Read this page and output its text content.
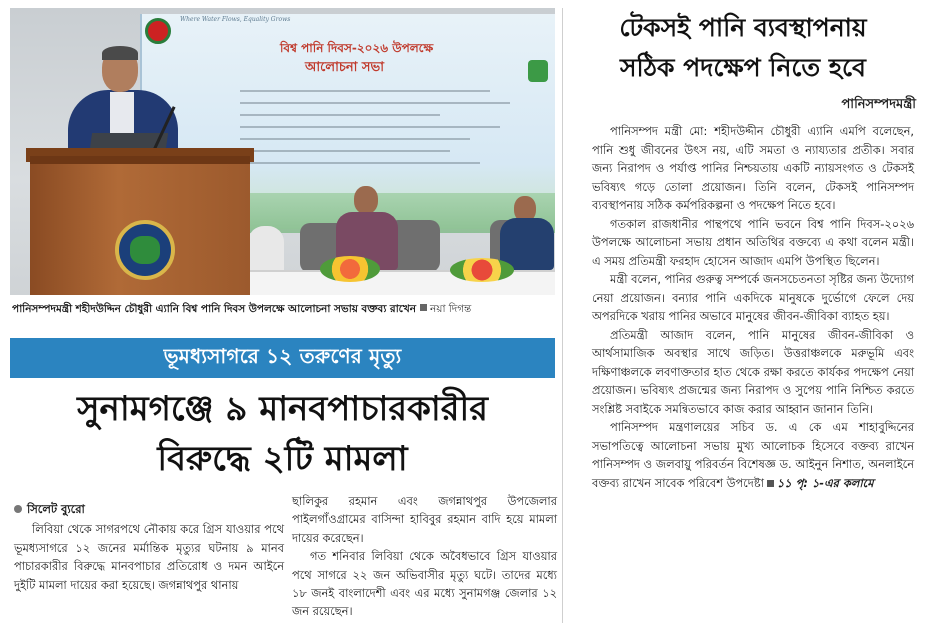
Where Water Flows, Equality Grows
বিশ্ব পানি দিবস-২০২৬ উপলক্ষে
আলোচনা সভা
পানিসম্পদমন্ত্রী শহীদউদ্দিন চৌধুরী এ্যানি বিশ্ব পানি দিবস উপলক্ষে আলোচনা সভায় বক্তব্য রাখেন নয়া দিগন্ত
ভূমধ্যসাগরে ১২ তরুণের মৃত্যু
সুনামগঞ্জে ৯ মানবপাচারকারীর
বিরুদ্ধে ২টি মামলা
সিলেট ব্যুরো

লিবিয়া থেকে সাগরপথে নৌকায় করে গ্রিস যাওয়ার পথে ভূমধ্যসাগরে ১২ জনের মর্মান্তিক মৃত্যুর ঘটনায় ৯ মানব পাচারকারীর বিরুদ্ধে মানবপাচার প্রতিরোধ ও দমন আইনে দুইটি মামলা দায়ের করা হয়েছে। জগন্নাথপুর থানায়

ছালিকুর রহমান এবং জগন্নাথপুর উপজেলার পাইলগাঁওগ্রামের বাসিন্দা হাবিবুর রহমান বাদি হয়ে মামলা দায়ের করেছেন।

গত শনিবার লিবিয়া থেকে অবৈধভাবে গ্রিস যাওয়ার পথে সাগরে ২২ জন অভিবাসীর মৃত্যু ঘটে। তাদের মধ্যে ১৮ জনই বাংলাদেশী এবং এর মধ্যে সুনামগঞ্জ জেলার ১২ জন রয়েছেন।

টেকসই পানি ব্যবস্থাপনায়
সঠিক পদক্ষেপ নিতে হবে
পানিসম্পদমন্ত্রী

পানিসম্পদ মন্ত্রী মো: শহীদউদ্দীন চৌধুরী এ্যানি এমপি বলেছেন, পানি শুধু জীবনের উৎস নয়, এটি সমতা ও ন্যায্যতার প্রতীক। সবার জন্য নিরাপদ ও পর্যাপ্ত পানির নিশ্চয়তায় একটি ন্যায়সংগত ও টেকসই ভবিষ্যৎ গড়ে তোলা প্রয়োজন। তিনি বলেন, টেকসই পানিসম্পদ ব্যবস্থাপনায় সঠিক কর্মপরিকল্পনা ও পদক্ষেপ নিতে হবে।

গতকাল রাজধানীর পান্থপথে পানি ভবনে বিশ্ব পানি দিবস-২০২৬ উপলক্ষে আলোচনা সভায় প্রধান অতিথির বক্তব্যে এ কথা বলেন মন্ত্রী। এ সময় প্রতিমন্ত্রী ফরহাদ হোসেন আজাদ এমপি উপস্থিত ছিলেন।

মন্ত্রী বলেন, পানির গুরুত্ব সম্পর্কে জনসচেতনতা সৃষ্টির জন্য উদ্যোগ নেয়া প্রয়োজন। বন্যার পানি একদিকে মানুষকে দুর্ভোগে ফেলে দেয় অপরদিকে খরায় পানির অভাবে মানুষের জীবন-জীবিকা ব্যাহত হয়।

প্রতিমন্ত্রী আজাদ বলেন, পানি মানুষের জীবন-জীবিকা ও আর্থসামাজিক অবস্থার সাথে জড়িত। উত্তরাঞ্চলকে মরুভূমি এবং দক্ষিণাঞ্চলকে লবণাক্ততার হাত থেকে রক্ষা করতে কার্যকর পদক্ষেপ নেয়া প্রয়োজন। ভবিষ্যৎ প্রজন্মের জন্য নিরাপদ ও সুপেয় পানি নিশ্চিত করতে সংশ্লিষ্ট সবাইকে সমন্বিতভাবে কাজ করার আহ্বান জানান তিনি।

পানিসম্পদ মন্ত্রণালয়ের সচিব ড. এ কে এম শাহাবুদ্দিনের সভাপতিত্বে আলোচনা সভায় মুখ্য আলোচক হিসেবে বক্তব্য রাখেন পানিসম্পদ ও জলবায়ু পরিবর্তন বিশেষজ্ঞ ড. আইনুন নিশাত, অনলাইনে বক্তব্য রাখেন সাবেক পরিবেশ উপদেষ্টা ১১ পৃ: ১-এর কলামে
